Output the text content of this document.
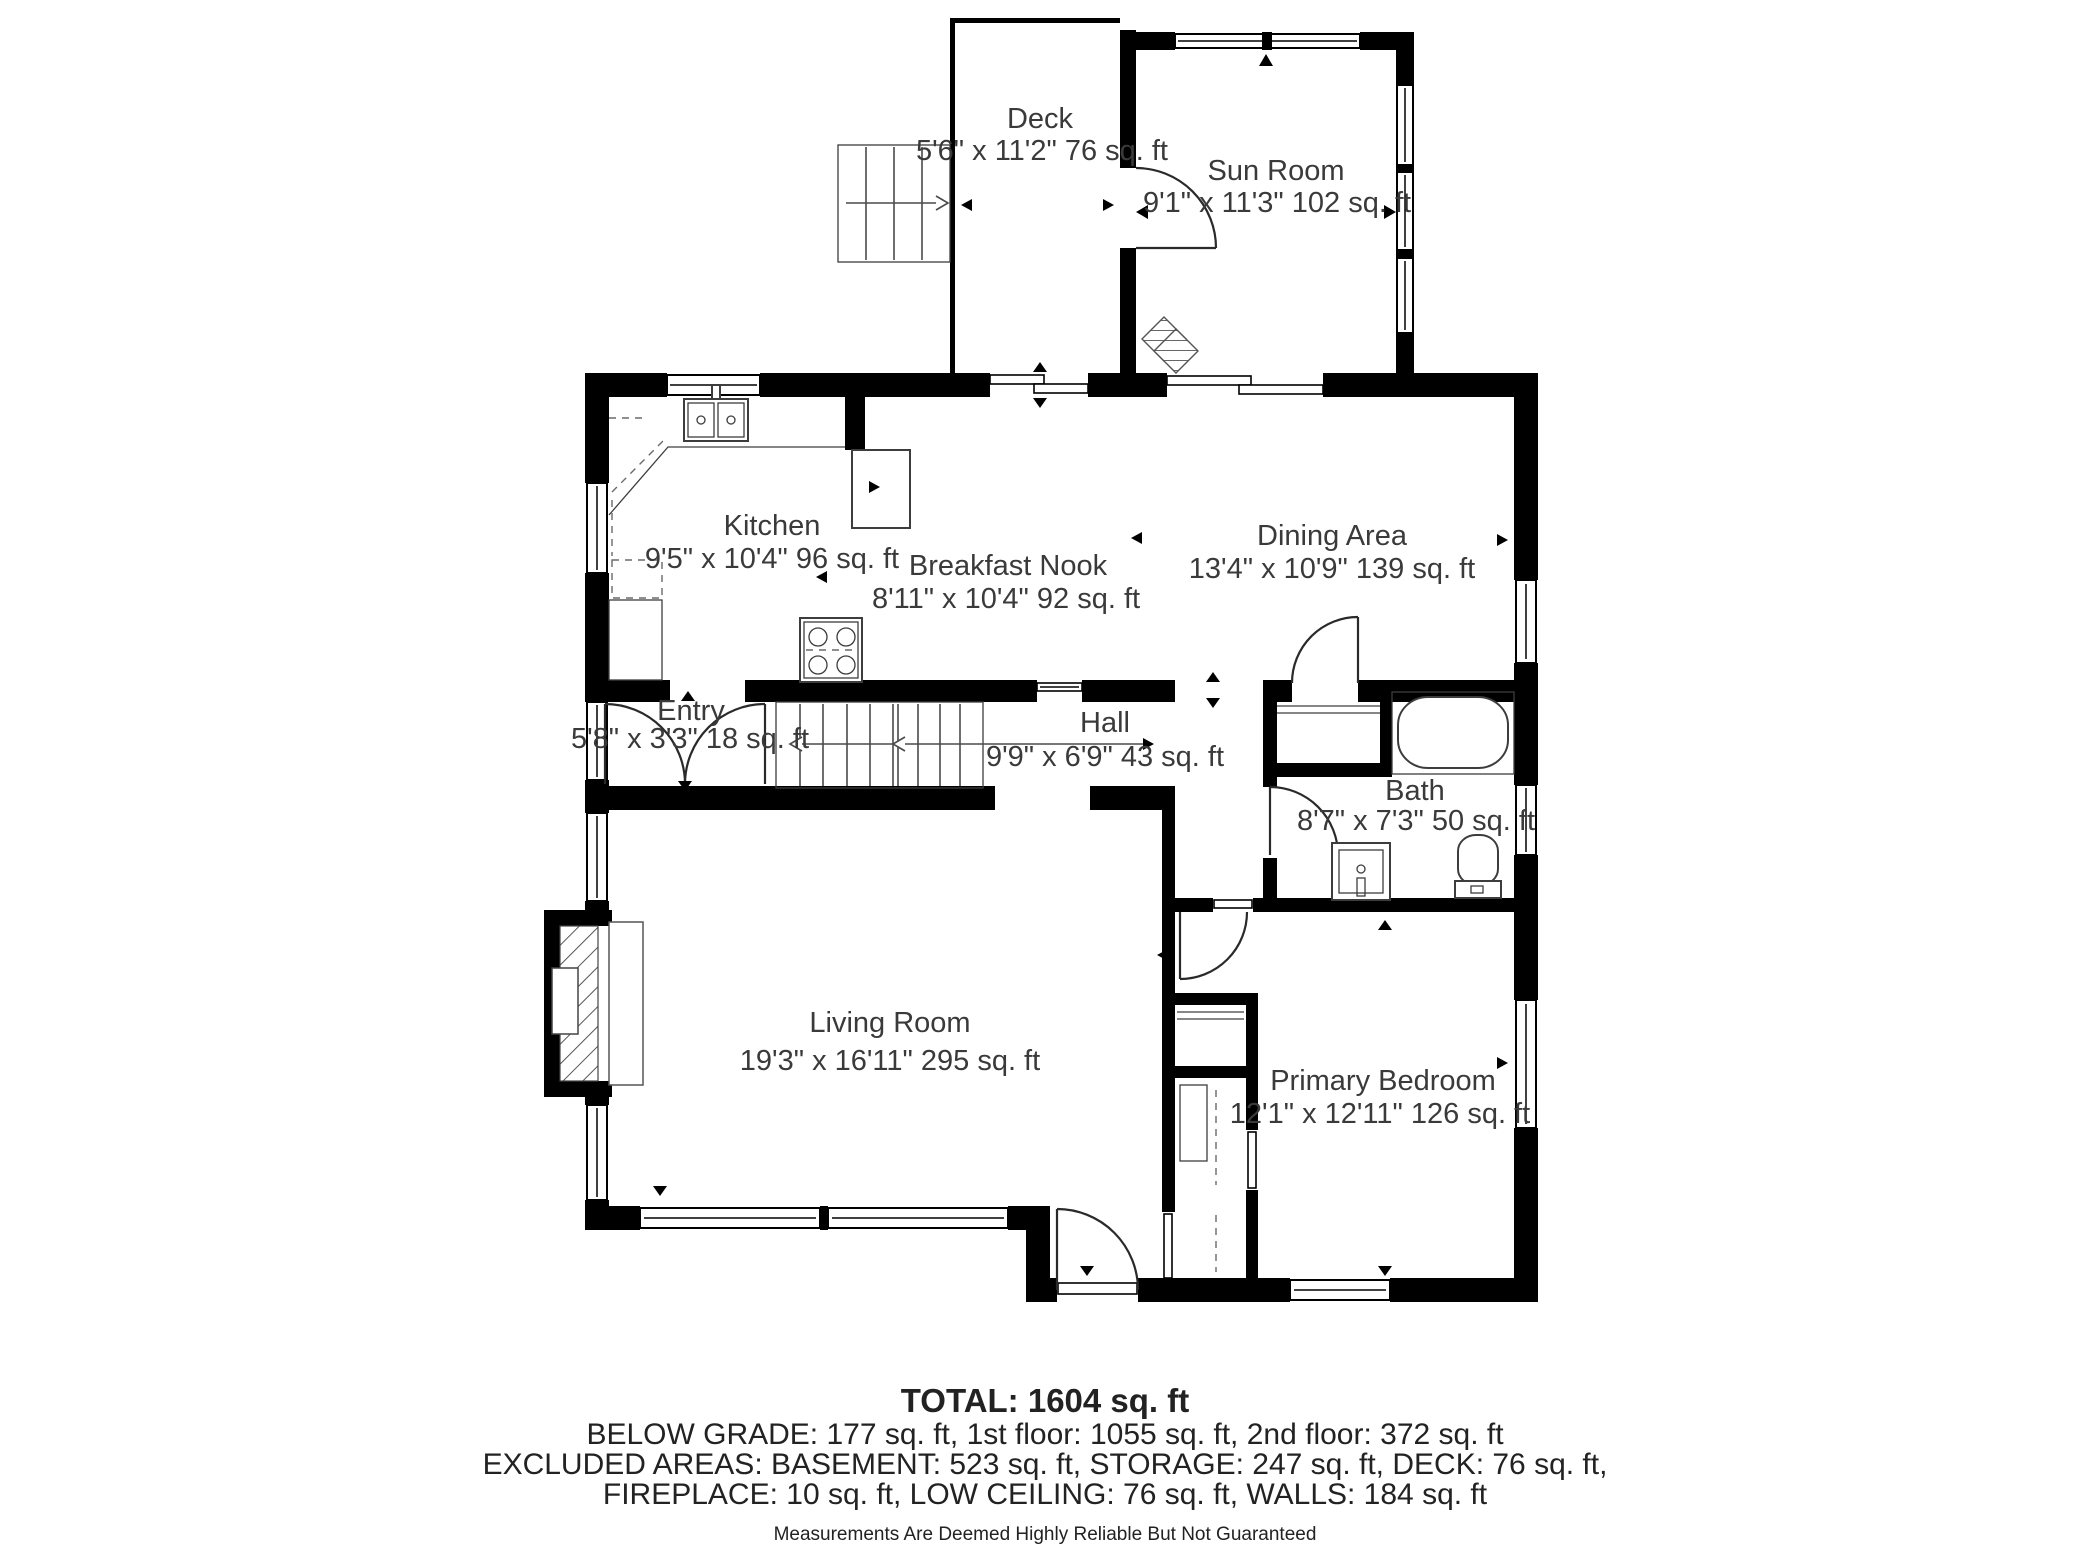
Deck
5'6" x 11'2" 76 sq. ft
Sun Room
9'1" x 11'3" 102 sq. ft
Kitchen
9'5" x 10'4" 96 sq. ft Breakfast Nook
8'11" x 10'4" 92 sq. ft
Dining Area
13'4" x 10'9" 139 sq. ft
Entry
5'8" x 3'3" 18 sq. ft	Hall
9'9" x 6'9" 43 sq. ft
Bath
8'7" x 7'3" 50 sq. ft
Living Room
19'3" x 16'11" 295 sq. ft
Primary Bedroom
12'1" x 12'11" 126 sq. ft
TOTAL: 1604 sq. ft
BELOW GRADE: 177 sq. ft, 1st floor: 1055 sq. ft, 2nd floor: 372 sq. ft
EXCLUDED AREAS: BASEMENT: 523 sq. ft, STORAGE: 247 sq. ft, DECK: 76 sq. ft,
FIREPLACE: 10 sq. ft, LOW CEILING: 76 sq. ft, WALLS: 184 sq. ft
Measurements Are Deemed Highly Reliable But Not Guaranteed
